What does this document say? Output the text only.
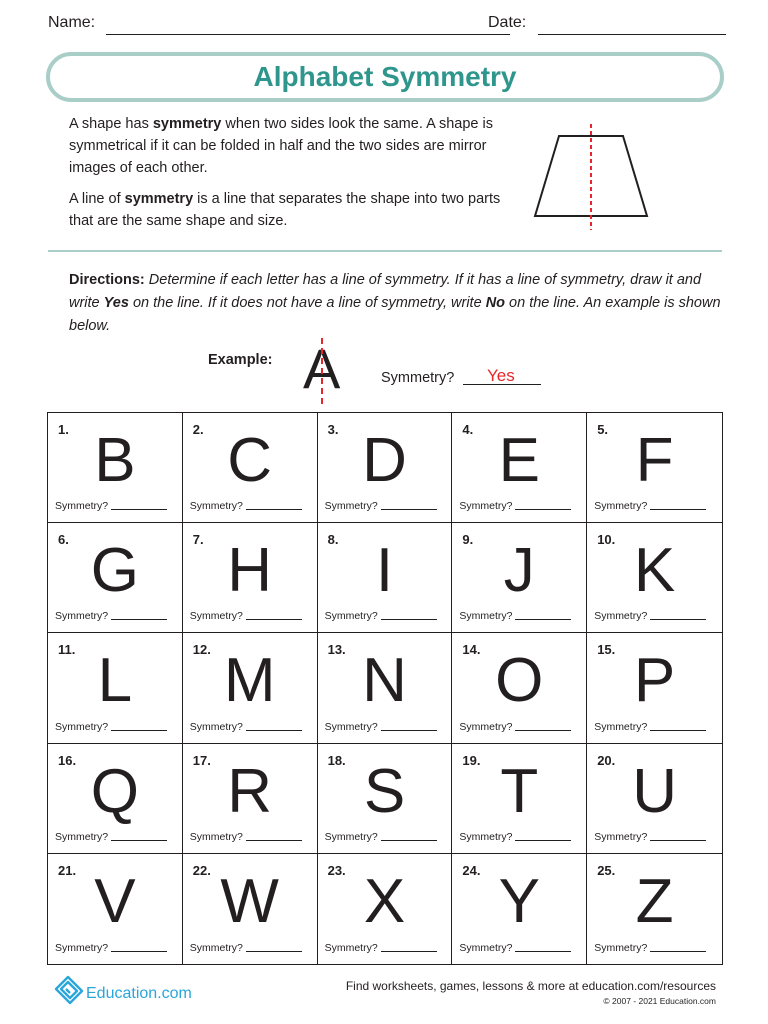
Name:	Date:
Alphabet Symmetry

A shape has symmetry when two sides look the same. A shape is symmetrical if it can be folded in half and the two sides are mirror images of each other.

A line of symmetry is a line that separates the shape into two parts that are the same shape and size.

Directions: Determine if each letter has a line of symmetry. If it has a line of symmetry, draw it and write Yes on the line. If it does not have a line of symmetry, write No on the line. An example is shown below.
Example: A	Symmetry? Yes
1. B
Symmetry?
2. C
Symmetry?
3. D
Symmetry?
4. E
Symmetry?
5. F
Symmetry?
6. G
Symmetry?
7. H
Symmetry?
8. I
Symmetry?
9. J
Symmetry?
10. K
Symmetry?
11. L
Symmetry?
12. M
Symmetry?
13. N
Symmetry?
14. O
Symmetry?
15. P
Symmetry?
16. Q
Symmetry?
17. R
Symmetry?
18. S
Symmetry?
19. T
Symmetry?
20. U
Symmetry?
21. V
Symmetry?
22. W
Symmetry?
23. X
Symmetry?
24. Y
Symmetry?
25. Z
Symmetry?
Education.com	Find worksheets, games, lessons & more at education.com/resources
© 2007 - 2021 Education.com
